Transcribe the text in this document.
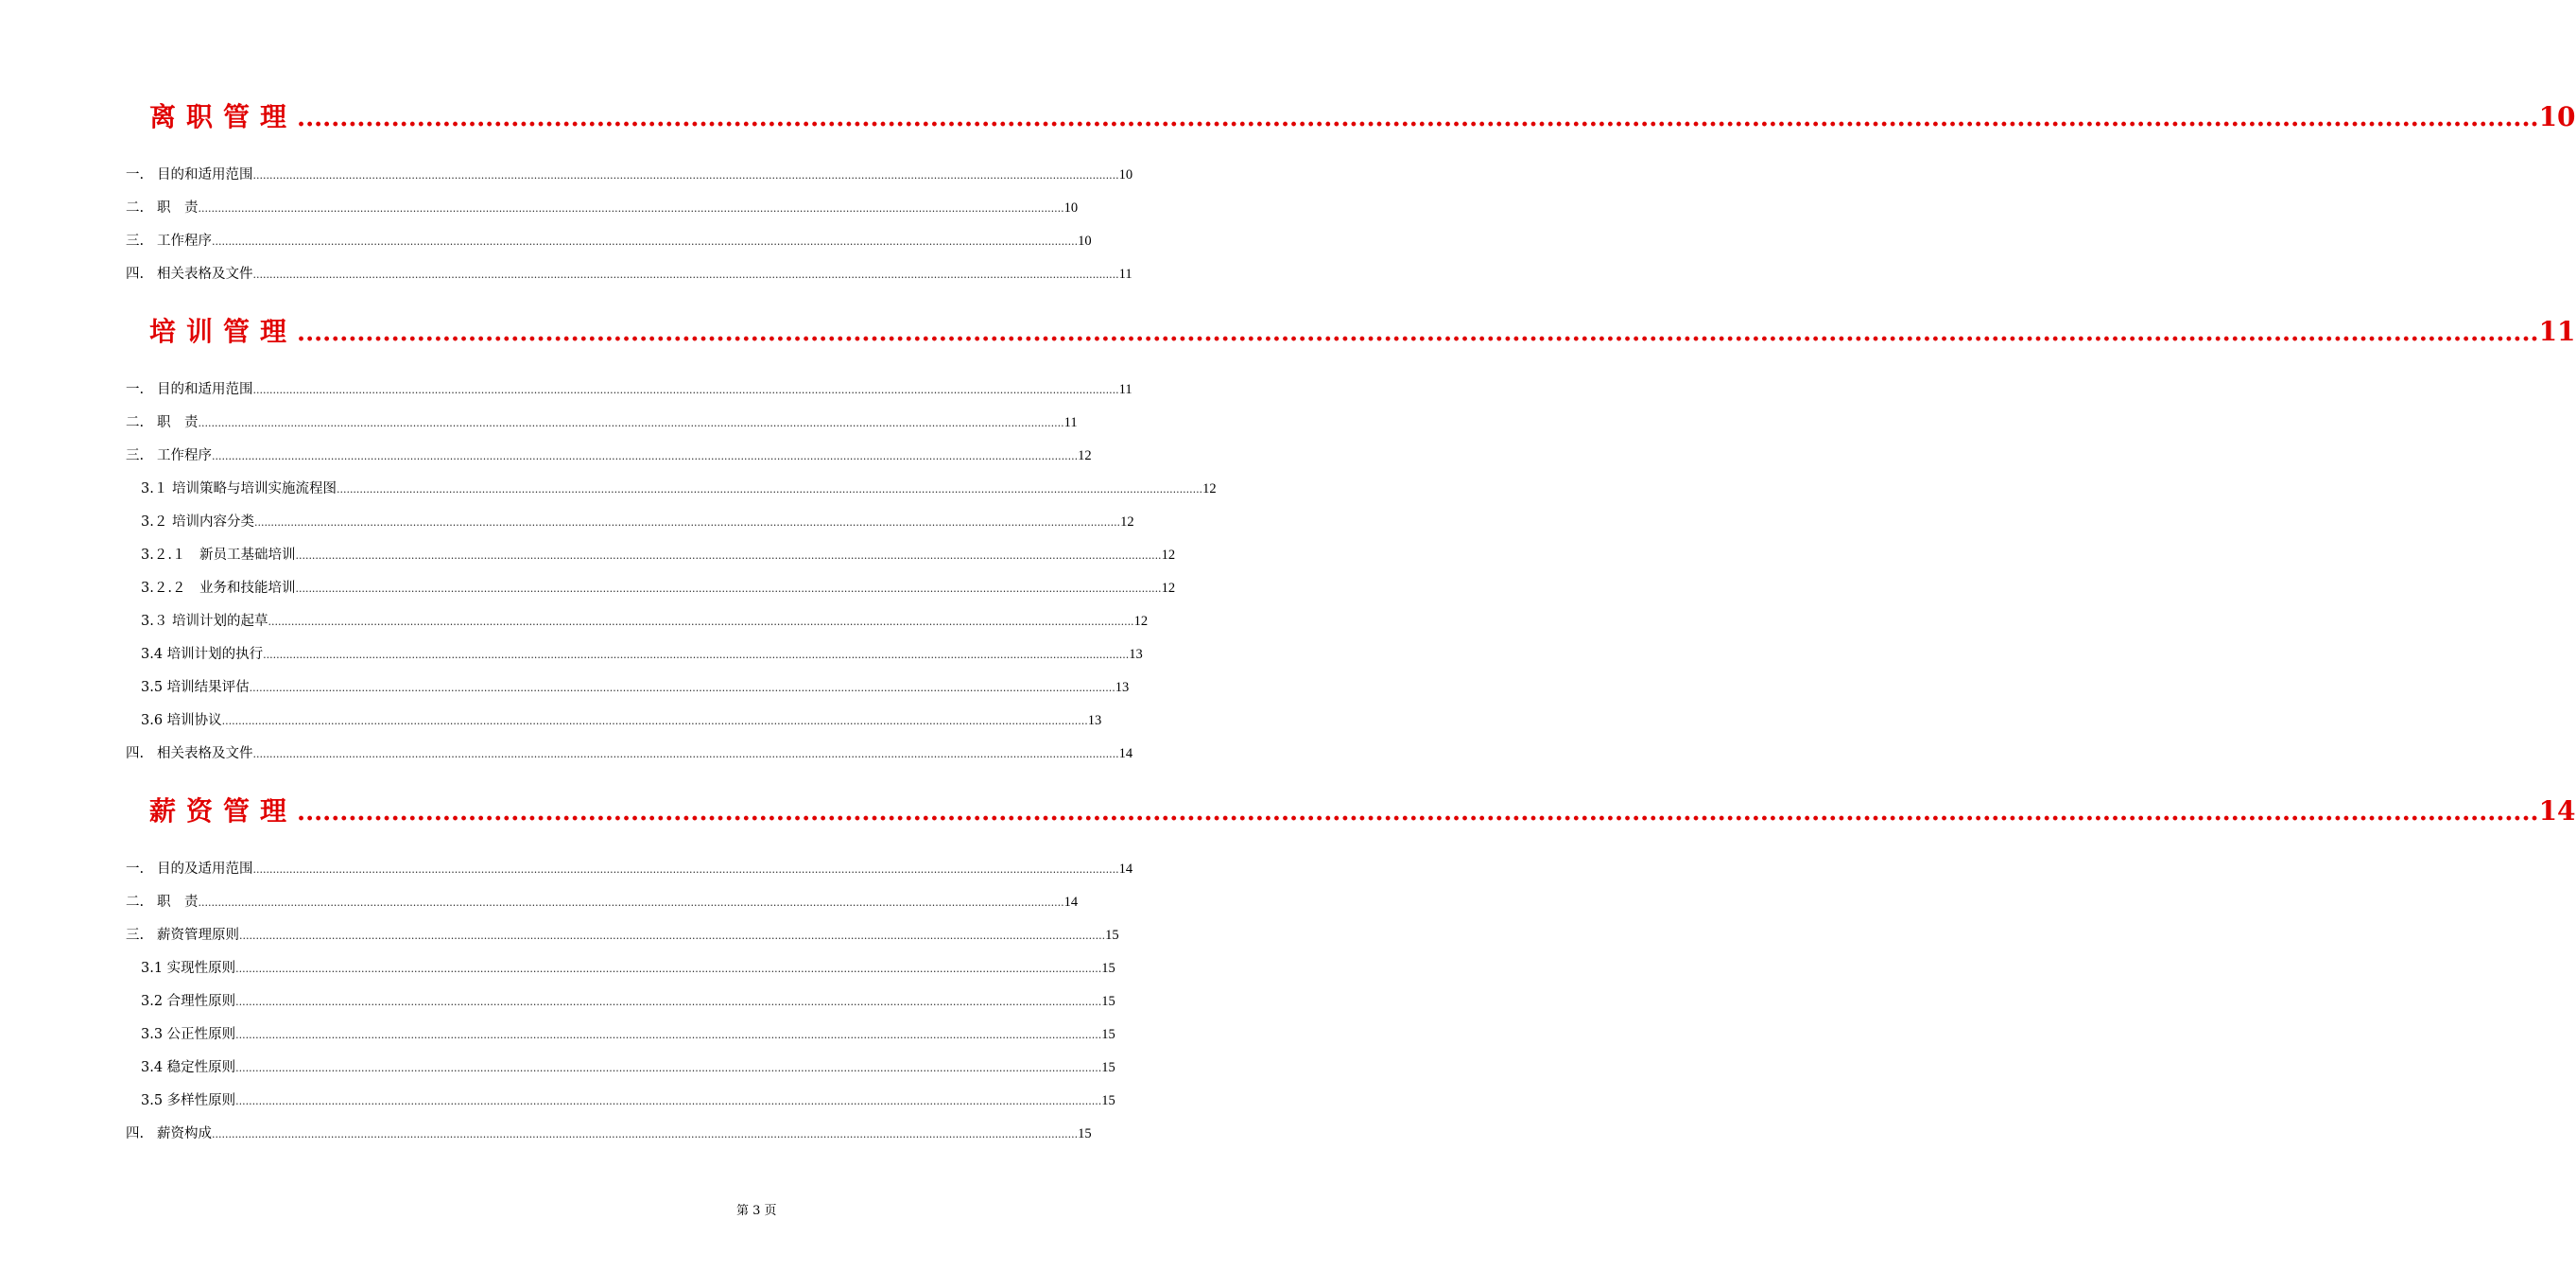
离职管理 ...................................................................................................................................................................................................................................................................... 10
一. 目的和适用范围 ...................................................................................................................................................................................................................................................................... 10
二. 职　责 ...................................................................................................................................................................................................................................................................... 10
三. 工作程序 ...................................................................................................................................................................................................................................................................... 10
四. 相关表格及文件 ...................................................................................................................................................................................................................................................................... 11
培训管理 ...................................................................................................................................................................................................................................................................... 11
一. 目的和适用范围 ...................................................................................................................................................................................................................................................................... 11
二. 职　责 ...................................................................................................................................................................................................................................................................... 11
三. 工作程序 ...................................................................................................................................................................................................................................................................... 12
3.１ 培训策略与培训实施流程图 ...................................................................................................................................................................................................................................................................... 12
3.２ 培训内容分类 ...................................................................................................................................................................................................................................................................... 12
3.２.１　新员工基础培训 ...................................................................................................................................................................................................................................................................... 12
3.２.２　业务和技能培训 ...................................................................................................................................................................................................................................................................... 12
3.３ 培训计划的起草 ...................................................................................................................................................................................................................................................................... 12
3.4 培训计划的执行 ...................................................................................................................................................................................................................................................................... 13
3.5 培训结果评估 ...................................................................................................................................................................................................................................................................... 13
3.6 培训协议 ...................................................................................................................................................................................................................................................................... 13
四. 相关表格及文件 ...................................................................................................................................................................................................................................................................... 14
薪资管理 ...................................................................................................................................................................................................................................................................... 14
一. 目的及适用范围 ...................................................................................................................................................................................................................................................................... 14
二. 职　责 ...................................................................................................................................................................................................................................................................... 14
三. 薪资管理原则 ...................................................................................................................................................................................................................................................................... 15
3.1 实现性原则 ...................................................................................................................................................................................................................................................................... 15
3.2 合理性原则 ...................................................................................................................................................................................................................................................................... 15
3.3 公正性原则 ...................................................................................................................................................................................................................................................................... 15
3.4 稳定性原则 ...................................................................................................................................................................................................................................................................... 15
3.5 多样性原则 ...................................................................................................................................................................................................................................................................... 15
四. 薪资构成 ...................................................................................................................................................................................................................................................................... 15
第 3 页
